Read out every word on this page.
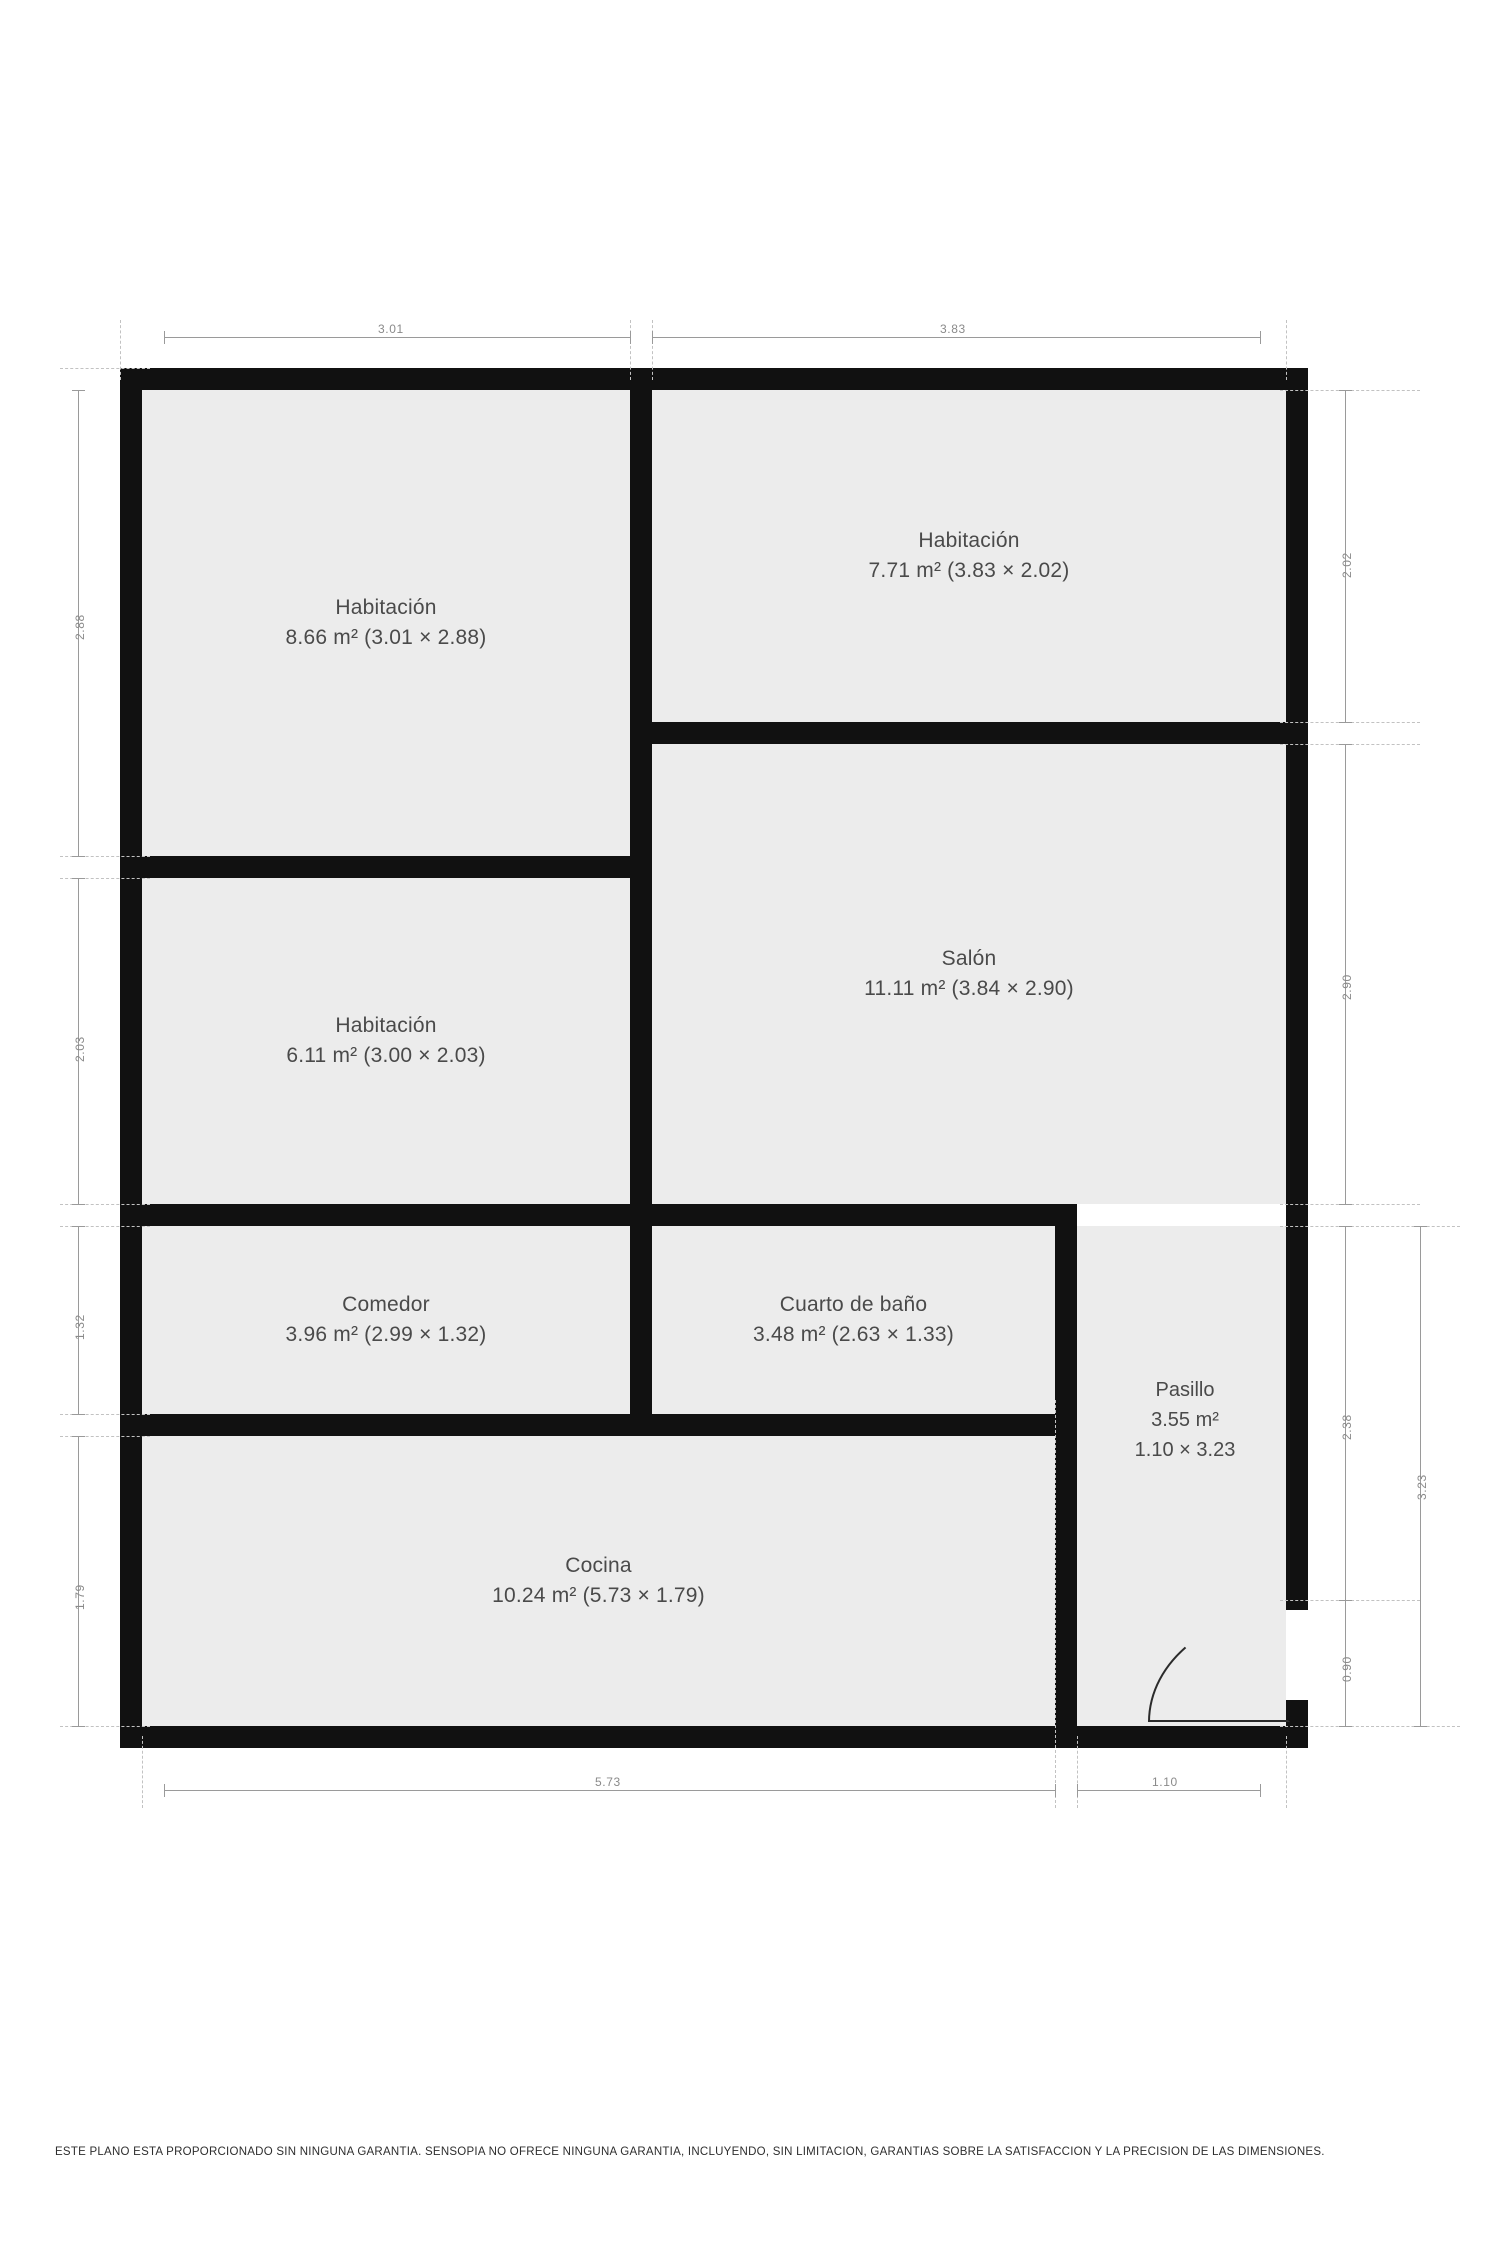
Habitación
8.66 m² (3.01 × 2.88)
Habitación
7.71 m² (3.83 × 2.02)
Habitación
6.11 m² (3.00 × 2.03)
Salón
11.11 m² (3.84 × 2.90)
Comedor
3.96 m² (2.99 × 1.32)
Cuarto de baño
3.48 m² (2.63 × 1.33)
Cocina
10.24 m² (5.73 × 1.79)
Pasillo
3.55 m²
1.10 × 3.23
3.01	3.83
2.88
2.03
1.32
1.79
2.02
2.90
2.38
0.90
3.23
5.73	1.10
ESTE PLANO ESTA PROPORCIONADO SIN NINGUNA GARANTIA. SENSOPIA NO OFRECE NINGUNA GARANTIA, INCLUYENDO, SIN LIMITACION, GARANTIAS SOBRE LA SATISFACCION Y LA PRECISION DE LAS DIMENSIONES.
